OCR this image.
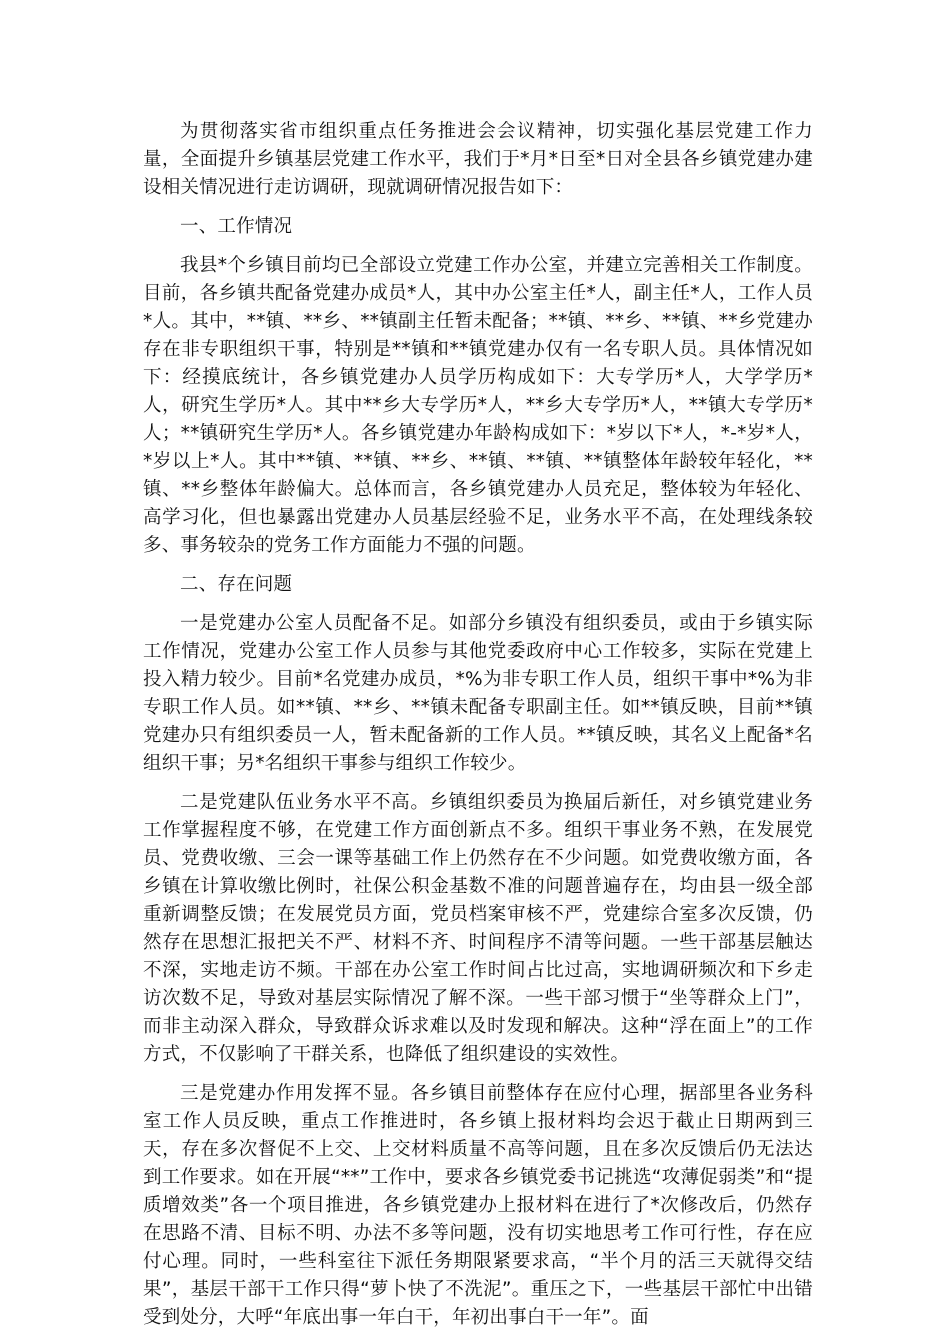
为贯彻落实省市组织重点任务推进会会议精神，切实强化基层党建工作力量，全面提升乡镇基层党建工作水平，我们于*月*日至*日对全县各乡镇党建办建设相关情况进行走访调研，现就调研情况报告如下：

一、工作情况

我县*个乡镇目前均已全部设立党建工作办公室，并建立完善相关工作制度。目前，各乡镇共配备党建办成员*人，其中办公室主任*人，副主任*人，工作人员*人。其中，**镇、**乡、**镇副主任暂未配备；**镇、**乡、**镇、**乡党建办存在非专职组织干事，特别是**镇和**镇党建办仅有一名专职人员。具体情况如下：经摸底统计，各乡镇党建办人员学历构成如下：大专学历*人，大学学历*人，研究生学历*人。其中**乡大专学历*人，**乡大专学历*人，**镇大专学历*人；**镇研究生学历*人。各乡镇党建办年龄构成如下：*岁以下*人，*-*岁*人，*岁以上*人。其中**镇、**镇、**乡、**镇、**镇、**镇整体年龄较年轻化，**镇、**乡整体年龄偏大。总体而言，各乡镇党建办人员充足，整体较为年轻化、高学习化，但也暴露出党建办人员基层经验不足，业务水平不高，在处理线条较多、事务较杂的党务工作方面能力不强的问题。

二、存在问题

一是党建办公室人员配备不足。如部分乡镇没有组织委员，或由于乡镇实际工作情况，党建办公室工作人员参与其他党委政府中心工作较多，实际在党建上投入精力较少。目前*名党建办成员，*%为非专职工作人员，组织干事中*%为非专职工作人员。如**镇、**乡、**镇未配备专职副主任。如**镇反映，目前**镇党建办只有组织委员一人，暂未配备新的工作人员。**镇反映，其名义上配备*名组织干事；另*名组织干事参与组织工作较少。

二是党建队伍业务水平不高。乡镇组织委员为换届后新任，对乡镇党建业务工作掌握程度不够，在党建工作方面创新点不多。组织干事业务不熟，在发展党员、党费收缴、三会一课等基础工作上仍然存在不少问题。如党费收缴方面，各乡镇在计算收缴比例时，社保公积金基数不准的问题普遍存在，均由县一级全部重新调整反馈；在发展党员方面，党员档案审核不严，党建综合室多次反馈，仍然存在思想汇报把关不严、材料不齐、时间程序不清等问题。一些干部基层触达不深，实地走访不频。干部在办公室工作时间占比过高，实地调研频次和下乡走访次数不足，导致对基层实际情况了解不深。一些干部习惯于“坐等群众上门”，而非主动深入群众，导致群众诉求难以及时发现和解决。这种“浮在面上”的工作方式，不仅影响了干群关系，也降低了组织建设的实效性。

三是党建办作用发挥不显。各乡镇目前整体存在应付心理，据部里各业务科室工作人员反映，重点工作推进时，各乡镇上报材料均会迟于截止日期两到三天，存在多次督促不上交、上交材料质量不高等问题，且在多次反馈后仍无法达到工作要求。如在开展“**”工作中，要求各乡镇党委书记挑选“攻薄促弱类”和“提质增效类”各一个项目推进，各乡镇党建办上报材料在进行了*次修改后，仍然存在思路不清、目标不明、办法不多等问题，没有切实地思考工作可行性，存在应付心理。同时，一些科室往下派任务期限紧要求高，“半个月的活三天就得交结果”，基层干部干工作只得“萝卜快了不洗泥”。重压之下，一些基层干部忙中出错受到处分，大呼“年底出事一年白干，年初出事白干一年”。面
